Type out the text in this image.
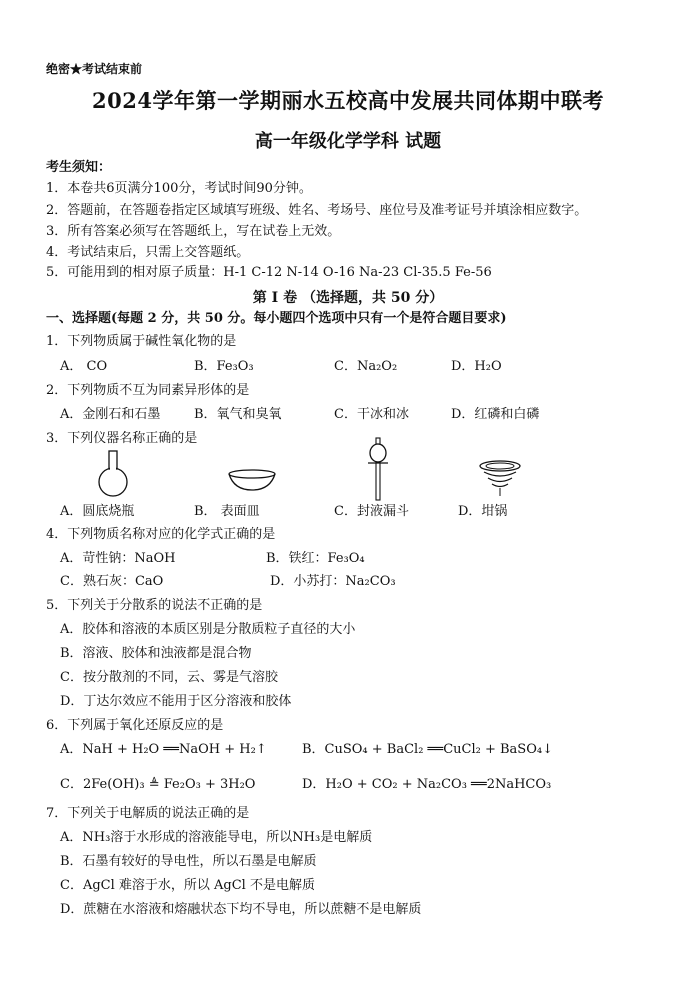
绝密★考试结束前
2024学年第一学期丽水五校高中发展共同体期中联考
高一年级化学学科 试题
考生须知：
1．本卷共6页满分100分，考试时间90分钟。
2．答题前，在答题卷指定区域填写班级、姓名、考场号、座位号及准考证号并填涂相应数字。
3．所有答案必须写在答题纸上，写在试卷上无效。
4．考试结束后，只需上交答题纸。
5．可能用到的相对原子质量：H-1 C-12 N-14 O-16 Na-23 Cl-35.5 Fe-56
第 I 卷 （选择题，共 50 分）
一、选择题(每题 2 分，共 50 分。每小题四个选项中只有一个是符合题目要求)
1．下列物质属于碱性氧化物的是
A． CO	B．Fe₃O₃	C．Na₂O₂	D．H₂O
2．下列物质不互为同素异形体的是
A．金刚石和石墨	B．氧气和臭氧	C．干冰和冰	D．红磷和白磷
3．下列仪器名称正确的是
A．圆底烧瓶	B． 表面皿	C．封液漏斗	D．坩锅
4．下列物质名称对应的化学式正确的是
A．苛性钠：NaOH	B．铁红：Fe₃O₄
C．熟石灰：CaO	D．小苏打：Na₂CO₃
5．下列关于分散系的说法不正确的是
A．胶体和溶液的本质区别是分散质粒子直径的大小
B．溶液、胶体和浊液都是混合物
C．按分散剂的不同，云、雾是气溶胶
D．丁达尔效应不能用于区分溶液和胶体
6．下列属于氧化还原反应的是
A．NaH + H₂O ══NaOH + H₂↑	B．CuSO₄ + BaCl₂ ══CuCl₂ + BaSO₄↓
C．2Fe(OH)₃ ≜ Fe₂O₃ + 3H₂O	D．H₂O + CO₂ + Na₂CO₃ ══2NaHCO₃
7．下列关于电解质的说法正确的是
A．NH₃溶于水形成的溶液能导电，所以NH₃是电解质
B．石墨有较好的导电性，所以石墨是电解质
C．AgCl 难溶于水，所以 AgCl 不是电解质
D．蔗糖在水溶液和熔融状态下均不导电，所以蔗糖不是电解质
